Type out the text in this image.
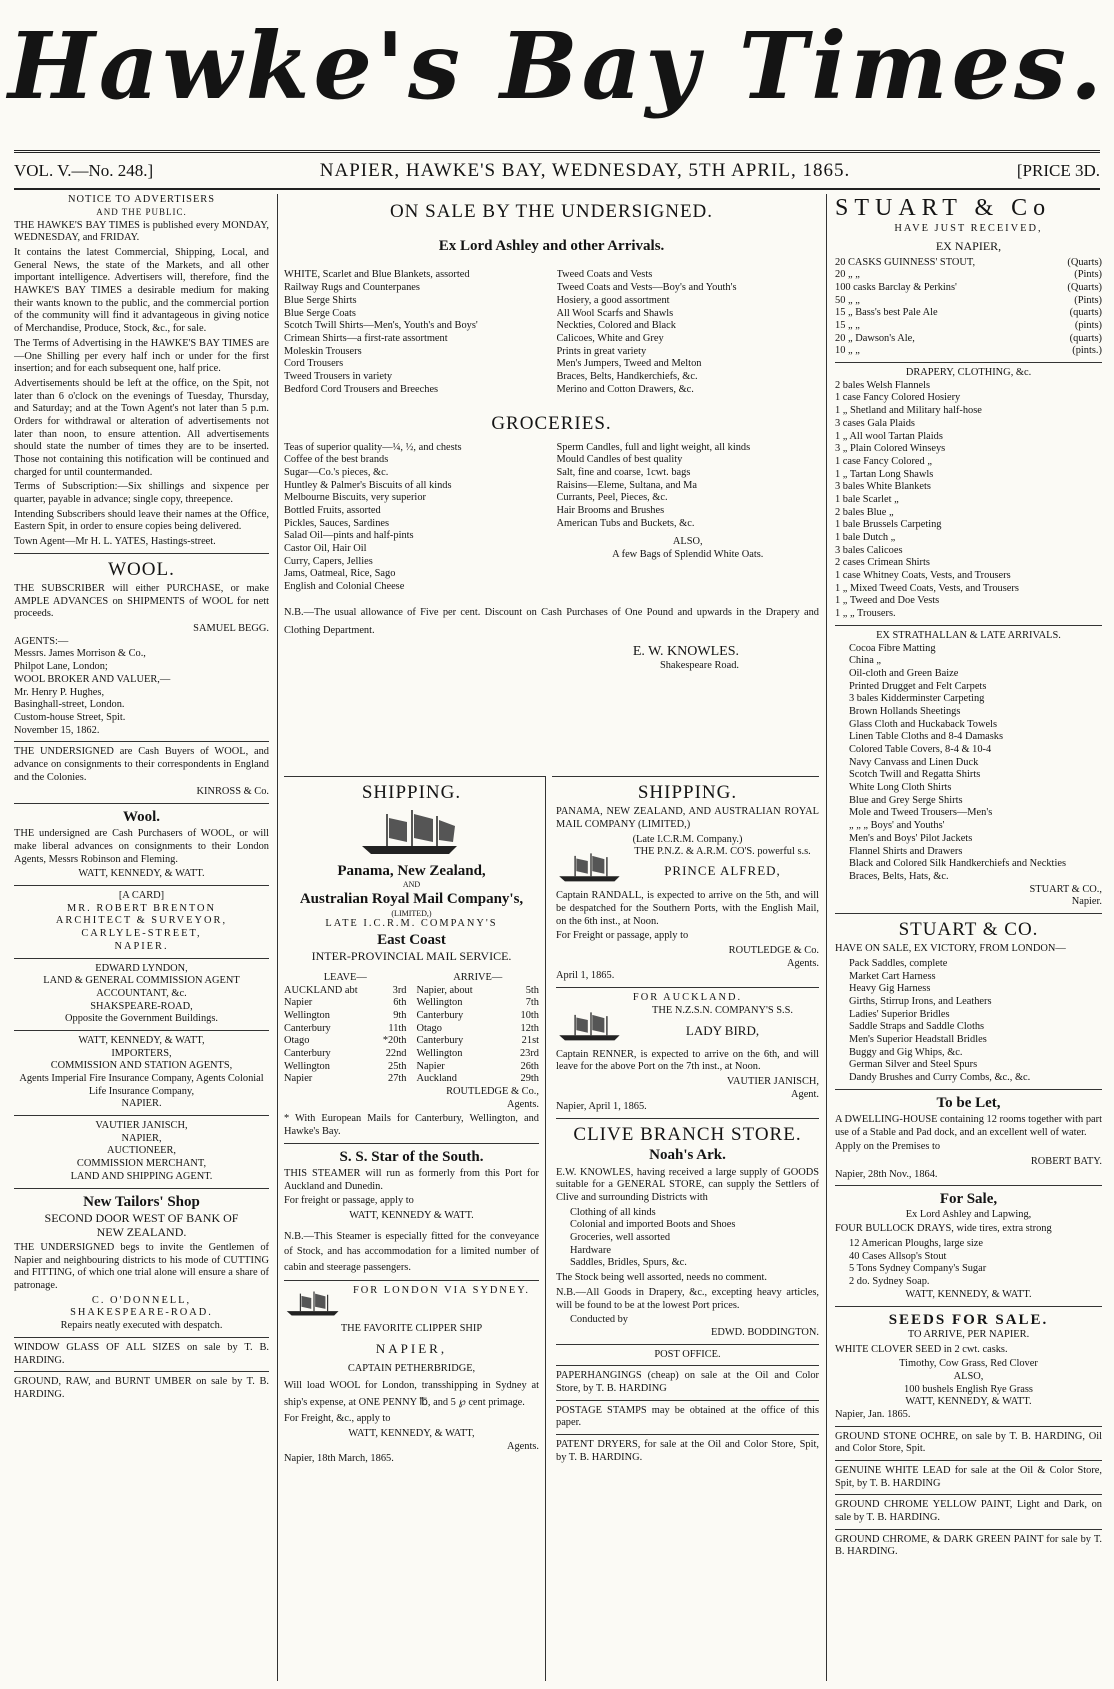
Hawke's Bay Times.
VOL. V.—No. 248.]	NAPIER, HAWKE'S BAY, WEDNESDAY, 5TH APRIL, 1865.	[PRICE 3D.
NOTICE TO ADVERTISERS
AND THE PUBLIC.

THE HAWKE'S BAY TIMES is published every MONDAY, WEDNESDAY, and FRIDAY.

It contains the latest Commercial, Shipping, Local, and General News, the state of the Markets, and all other important intelligence. Advertisers will, therefore, find the HAWKE'S BAY TIMES a desirable medium for making their wants known to the public, and the commercial portion of the community will find it advantageous in giving notice of Merchandise, Produce, Stock, &c., for sale.

The Terms of Advertising in the HAWKE'S BAY TIMES are—One Shilling per every half inch or under for the first insertion; and for each subsequent one, half price.

Advertisements should be left at the office, on the Spit, not later than 6 o'clock on the evenings of Tuesday, Thursday, and Saturday; and at the Town Agent's not later than 5 p.m. Orders for withdrawal or alteration of advertisements not later than noon, to ensure attention. All advertisements should state the number of times they are to be inserted. Those not containing this notification will be continued and charged for until countermanded.

Terms of Subscription:—Six shillings and sixpence per quarter, payable in advance; single copy, threepence.

Intending Subscribers should leave their names at the Office, Eastern Spit, in order to ensure copies being delivered.

Town Agent—Mr H. L. YATES, Hastings-street.

WOOL.

THE SUBSCRIBER will either PURCHASE, or make AMPLE ADVANCES on SHIPMENTS of WOOL for nett proceeds.

SAMUEL BEGG.
AGENTS:—
Messrs. James Morrison & Co.,
Philpot Lane, London;
WOOL BROKER AND VALUER,—
Mr. Henry P. Hughes,
Basinghall-street, London.
Custom-house Street, Spit.
November 15, 1862.

THE UNDERSIGNED are Cash Buyers of WOOL, and advance on consignments to their correspondents in England and the Colonies.

KINROSS & Co.
Wool.

THE undersigned are Cash Purchasers of WOOL, or will make liberal advances on consignments to their London Agents, Messrs Robinson and Fleming.

WATT, KENNEDY, & WATT.
[A CARD]
MR. ROBERT BRENTON
ARCHITECT & SURVEYOR,
CARLYLE-STREET,
NAPIER.
EDWARD LYNDON,
LAND & GENERAL COMMISSION AGENT
ACCOUNTANT, &c.
SHAKSPEARE-ROAD,
Opposite the Government Buildings.
WATT, KENNEDY, & WATT,
IMPORTERS,
COMMISSION AND STATION AGENTS,
Agents Imperial Fire Insurance Company, Agents Colonial Life Insurance Company,
NAPIER.
VAUTIER JANISCH,
NAPIER,
AUCTIONEER,
COMMISSION MERCHANT,
LAND AND SHIPPING AGENT.
New Tailors' Shop
SECOND DOOR WEST OF BANK OF
NEW ZEALAND.

THE UNDERSIGNED begs to invite the Gentlemen of Napier and neighbouring districts to his mode of CUTTING and FITTING, of which one trial alone will ensure a share of patronage.

C. O'DONNELL,
SHAKESPEARE-ROAD.
Repairs neatly executed with despatch.

WINDOW GLASS OF ALL SIZES on sale by T. B. HARDING.

GROUND, RAW, and BURNT UMBER on sale by T. B. HARDING.

ON SALE BY THE UNDERSIGNED.
Ex Lord Ashley and other Arrivals.
WHITE, Scarlet and Blue Blankets, assorted
Railway Rugs and Counterpanes
Blue Serge Shirts
Blue Serge Coats
Scotch Twill Shirts—Men's, Youth's and Boys'
Crimean Shirts—a first-rate assortment
Moleskin Trousers
Cord Trousers
Tweed Trousers in variety
Bedford Cord Trousers and Breeches
Tweed Coats and Vests
Tweed Coats and Vests—Boy's and Youth's
Hosiery, a good assortment
All Wool Scarfs and Shawls
Neckties, Colored and Black
Calicoes, White and Grey
Prints in great variety
Men's Jumpers, Tweed and Melton
Braces, Belts, Handkerchiefs, &c.
Merino and Cotton Drawers, &c.
GROCERIES.
Teas of superior quality—¼, ½, and chests
Coffee of the best brands
Sugar—Co.'s pieces, &c.
Huntley & Palmer's Biscuits of all kinds
Melbourne Biscuits, very superior
Bottled Fruits, assorted
Pickles, Sauces, Sardines
Salad Oil—pints and half-pints
Castor Oil, Hair Oil
Curry, Capers, Jellies
Jams, Oatmeal, Rice, Sago
English and Colonial Cheese
Sperm Candles, full and light weight, all kinds
Mould Candles of best quality
Salt, fine and coarse, 1cwt. bags
Raisins—Eleme, Sultana, and Ma
Currants, Peel, Pieces, &c.
Hair Brooms and Brushes
American Tubs and Buckets, &c.
ALSO,
A few Bags of Splendid White Oats.

N.B.—The usual allowance of Five per cent. Discount on Cash Purchases of One Pound and upwards in the Drapery and Clothing Department.

E. W. KNOWLES.
Shakespeare Road.
SHIPPING.
Panama, New Zealand,
AND
Australian Royal Mail Company's,
(LIMITED,)
LATE I.C.R.M. COMPANY'S
East Coast
INTER-PROVINCIAL MAIL SERVICE.
LEAVE—
AUCKLAND abt	3rd
Napier	6th
Wellington	9th
Canterbury	11th
Otago	*20th
Canterbury	22nd
Wellington	25th
Napier	27th
ARRIVE—
Napier, about	5th
Wellington	7th
Canterbury	10th
Otago	12th
Canterbury	21st
Wellington	23rd
Napier	26th
Auckland	29th
ROUTLEDGE & Co.,
Agents.

* With European Mails for Canterbury, Wellington, and Hawke's Bay.

S. S. Star of the South.

THIS STEAMER will run as formerly from this Port for Auckland and Dunedin.

For freight or passage, apply to

WATT, KENNEDY & WATT.

N.B.—This Steamer is especially fitted for the conveyance of Stock, and has accommodation for a limited number of cabin and steerage passengers.

FOR LONDON VIA SYDNEY.
THE FAVORITE CLIPPER SHIP
NAPIER,
CAPTAIN PETHERBRIDGE,

Will load WOOL for London, transshipping in Sydney at ship's expense, at ONE PENNY ℔, and 5 ℘ cent primage.

For Freight, &c., apply to

WATT, KENNEDY, & WATT,
Agents.
Napier, 18th March, 1865.
SHIPPING.

PANAMA, NEW ZEALAND, AND AUSTRALIAN ROYAL MAIL COMPANY (LIMITED,)

(Late I.C.R.M. Company.)
THE P.N.Z. & A.R.M. CO'S. powerful s.s.
PRINCE ALFRED,

Captain RANDALL, is expected to arrive on the 5th, and will be despatched for the Southern Ports, with the English Mail, on the 6th inst., at Noon.

For Freight or passage, apply to

ROUTLEDGE & Co.
Agents.
April 1, 1865.
FOR AUCKLAND.
THE N.Z.S.N. COMPANY'S S.S.
LADY BIRD,

Captain RENNER, is expected to arrive on the 6th, and will leave for the above Port on the 7th inst., at Noon.

VAUTIER JANISCH,
Agent.
Napier, April 1, 1865.
CLIVE BRANCH STORE.
Noah's Ark.

E.W. KNOWLES, having received a large supply of GOODS suitable for a GENERAL STORE, can supply the Settlers of Clive and surrounding Districts with

Clothing of all kinds
Colonial and imported Boots and Shoes
Groceries, well assorted
Hardware
Saddles, Bridles, Spurs, &c.

The Stock being well assorted, needs no comment.

N.B.—All Goods in Drapery, &c., excepting heavy articles, will be found to be at the lowest Port prices.

Conducted by
EDWD. BODDINGTON.
POST OFFICE.

PAPERHANGINGS (cheap) on sale at the Oil and Color Store, by T. B. HARDING

POSTAGE STAMPS may be obtained at the office of this paper.

PATENT DRYERS, for sale at the Oil and Color Store, Spit, by T. B. HARDING.

STUART & Co
HAVE JUST RECEIVED,
EX NAPIER,
20 CASKS GUINNESS' STOUT,	(Quarts)
20 „ „	(Pints)
100 casks Barclay & Perkins'	(Quarts)
50 „ „	(Pints)
15 „ Bass's best Pale Ale	(quarts)
15 „ „	(pints)
20 „ Dawson's Ale,	(quarts)
10 „ „	(pints.)
DRAPERY, CLOTHING, &c.
2 bales Welsh Flannels
1 case Fancy Colored Hosiery
1 „ Shetland and Military half-hose
3 cases Gala Plaids
1 „ All wool Tartan Plaids
3 „ Plain Colored Winseys
1 case Fancy Colored „
1 „ Tartan Long Shawls
3 bales White Blankets
1 bale Scarlet „
2 bales Blue „
1 bale Brussels Carpeting
1 bale Dutch „
3 bales Calicoes
2 cases Crimean Shirts
1 case Whitney Coats, Vests, and Trousers
1 „ Mixed Tweed Coats, Vests, and Trousers
1 „ Tweed and Doe Vests
1 „ „ Trousers.
EX STRATHALLAN & LATE ARRIVALS.
Cocoa Fibre Matting
China „
Oil-cloth and Green Baize
Printed Drugget and Felt Carpets
3 bales Kidderminster Carpeting
Brown Hollands Sheetings
Glass Cloth and Huckaback Towels
Linen Table Cloths and 8-4 Damasks
Colored Table Covers, 8-4 & 10-4
Navy Canvass and Linen Duck
Scotch Twill and Regatta Shirts
White Long Cloth Shirts
Blue and Grey Serge Shirts
Mole and Tweed Trousers—Men's
„ „ „ Boys' and Youths'
Men's and Boys' Pilot Jackets
Flannel Shirts and Drawers
Black and Colored Silk Handkerchiefs and Neckties
Braces, Belts, Hats, &c.
STUART & CO.,
Napier.
STUART & CO.

HAVE ON SALE, EX VICTORY, FROM LONDON—

Pack Saddles, complete
Market Cart Harness
Heavy Gig Harness
Girths, Stirrup Irons, and Leathers
Ladies' Superior Bridles
Saddle Straps and Saddle Cloths
Men's Superior Headstall Bridles
Buggy and Gig Whips, &c.
German Silver and Steel Spurs
Dandy Brushes and Curry Combs, &c., &c.
To be Let,

A DWELLING-HOUSE containing 12 rooms together with part use of a Stable and Pad dock, and an excellent well of water.

Apply on the Premises to

ROBERT BATY.
Napier, 28th Nov., 1864.
For Sale,
Ex Lord Ashley and Lapwing,

FOUR BULLOCK DRAYS, wide tires, extra strong

12 American Ploughs, large size
40 Cases Allsop's Stout
5 Tons Sydney Company's Sugar
2 do. Sydney Soap.
WATT, KENNEDY, & WATT.
SEEDS FOR SALE.
TO ARRIVE, PER NAPIER.

WHITE CLOVER SEED in 2 cwt. casks.

Timothy, Cow Grass, Red Clover
ALSO,
100 bushels English Rye Grass
WATT, KENNEDY, & WATT.
Napier, Jan. 1865.

GROUND STONE OCHRE, on sale by T. B. HARDING, Oil and Color Store, Spit.

GENUINE WHITE LEAD for sale at the Oil & Color Store, Spit, by T. B. HARDING

GROUND CHROME YELLOW PAINT, Light and Dark, on sale by T. B. HARDING.

GROUND CHROME, & DARK GREEN PAINT for sale by T. B. HARDING.
